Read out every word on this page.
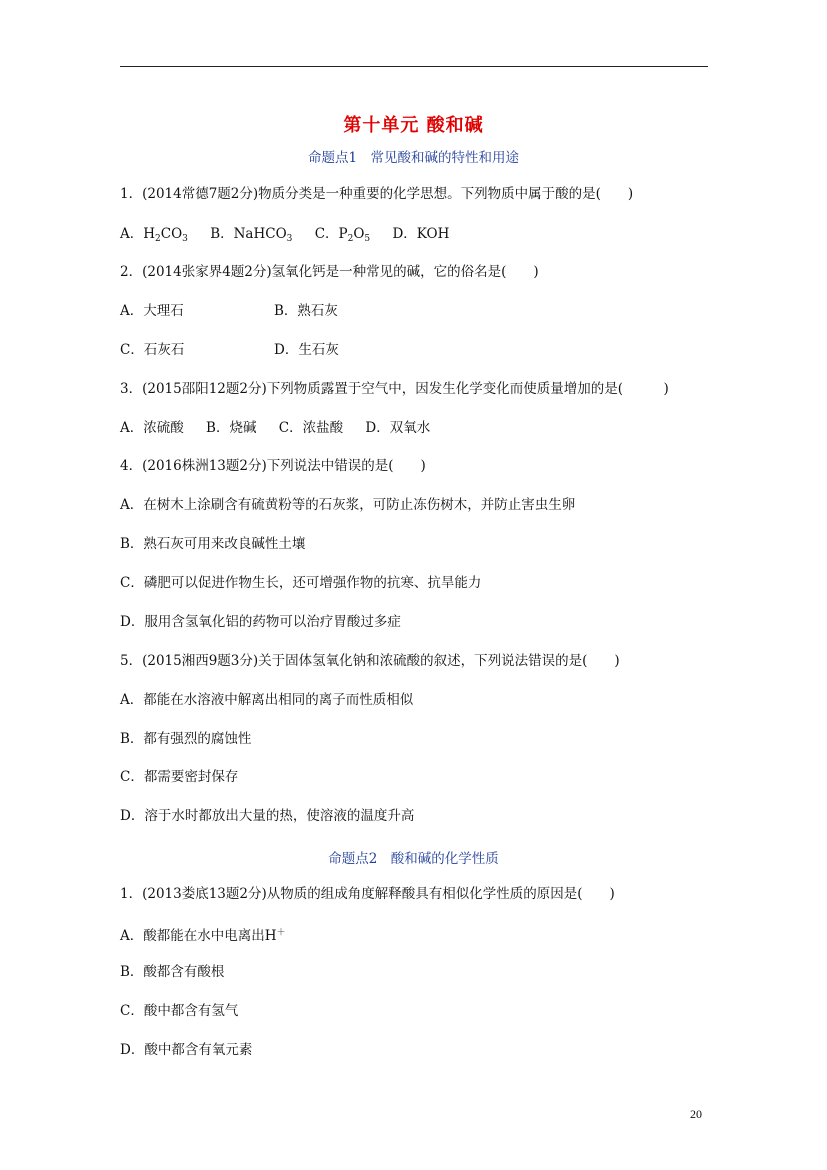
第十单元 酸和碱
命题点1　常见酸和碱的特性和用途
1．(2014常德7题2分)物质分类是一种重要的化学思想。下列物质中属于酸的是(　　)
A．$H_2CO_3$ B．NaHCO$_3$ C．$P_2O_5$ D．KOH
2．(2014张家界4题2分)氢氧化钙是一种常见的碱，它的俗名是(　　)
A．大理石	B．熟石灰
C．石灰石	D．生石灰
3．(2015邵阳12题2分)下列物质露置于空气中，因发生化学变化而使质量增加的是(　　　)
A．浓硫酸 B．烧碱 C．浓盐酸 D．双氧水
4．(2016株洲13题2分)下列说法中错误的是(　　)
A．在树木上涂刷含有硫黄粉等的石灰浆，可防止冻伤树木，并防止害虫生卵
B．熟石灰可用来改良碱性土壤
C．磷肥可以促进作物生长，还可增强作物的抗寒、抗旱能力
D．服用含氢氧化铝的药物可以治疗胃酸过多症
5．(2015湘西9题3分)关于固体氢氧化钠和浓硫酸的叙述，下列说法错误的是(　　)
A．都能在水溶液中解离出相同的离子而性质相似
B．都有强烈的腐蚀性
C．都需要密封保存
D．溶于水时都放出大量的热，使溶液的温度升高
命题点2　酸和碱的化学性质
1．(2013娄底13题2分)从物质的组成角度解释酸具有相似化学性质的原因是(　　)
A．酸都能在水中电离出H＋
B．酸都含有酸根
C．酸中都含有氢气
D．酸中都含有氧元素
20
